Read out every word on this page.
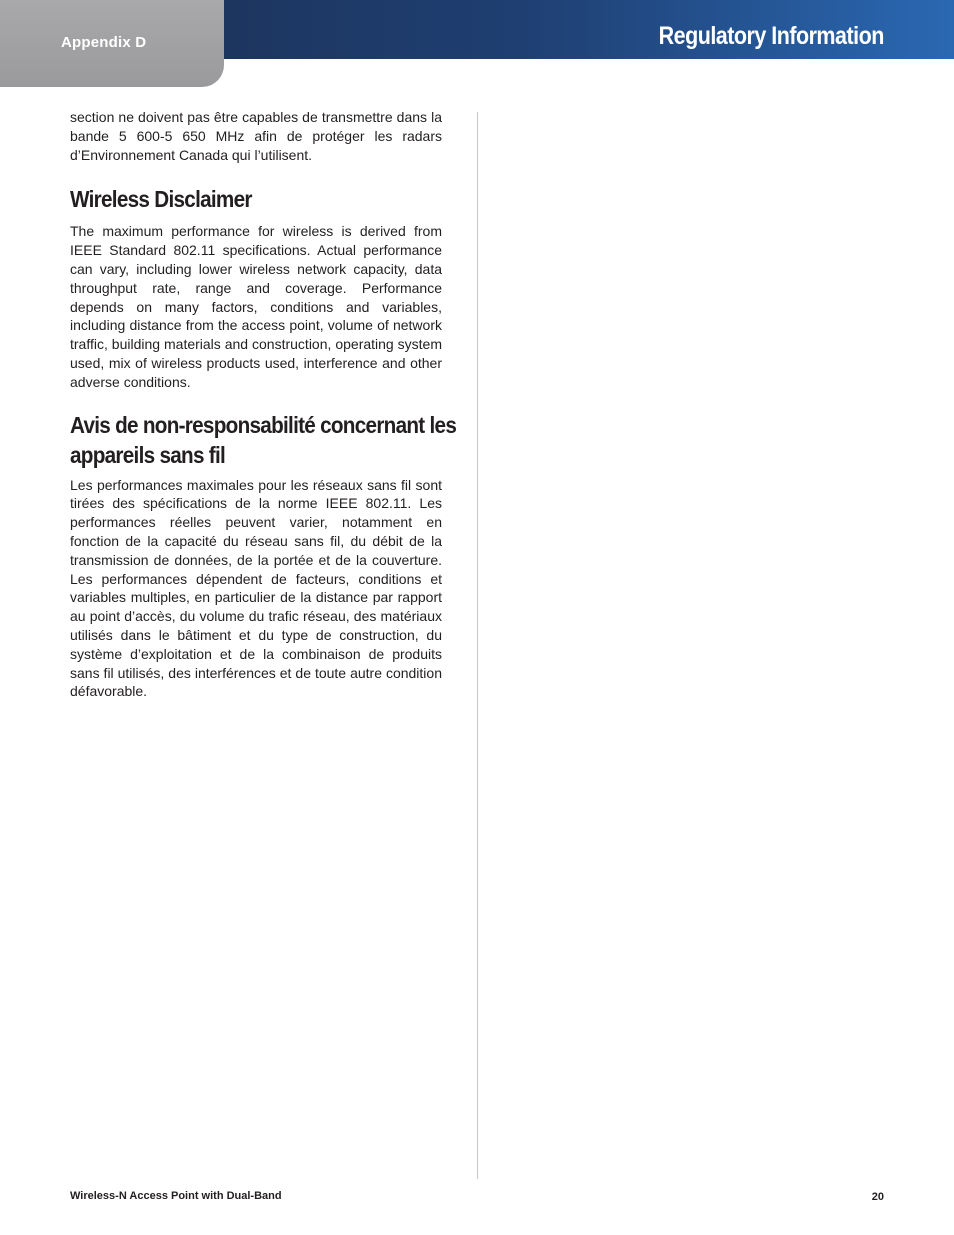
Appendix D	Regulatory Information

section ne doivent pas être capables de transmettre dans la bande 5 600-5 650 MHz afin de protéger les radars d’Environnement Canada qui l’utilisent.

Wireless Disclaimer

The maximum performance for wireless is derived from IEEE Standard 802.11 specifications. Actual performance can vary, including lower wireless network capacity, data throughput rate, range and coverage. Performance depends on many factors, conditions and variables, including distance from the access point, volume of network traffic, building materials and construction, operating system used, mix of wireless products used, interference and other adverse conditions.

Avis de non-responsabilité concernant les
appareils sans fil

Les performances maximales pour les réseaux sans fil sont tirées des spécifications de la norme IEEE 802.11. Les performances réelles peuvent varier, notamment en fonction de la capacité du réseau sans fil, du débit de la transmission de données, de la portée et de la couverture. Les performances dépendent de facteurs, conditions et variables multiples, en particulier de la distance par rapport au point d’accès, du volume du trafic réseau, des matériaux utilisés dans le bâtiment et du type de construction, du système d’exploitation et de la combinaison de produits sans fil utilisés, des interférences et de toute autre condition défavorable.

Wireless-N Access Point with Dual-Band	20
